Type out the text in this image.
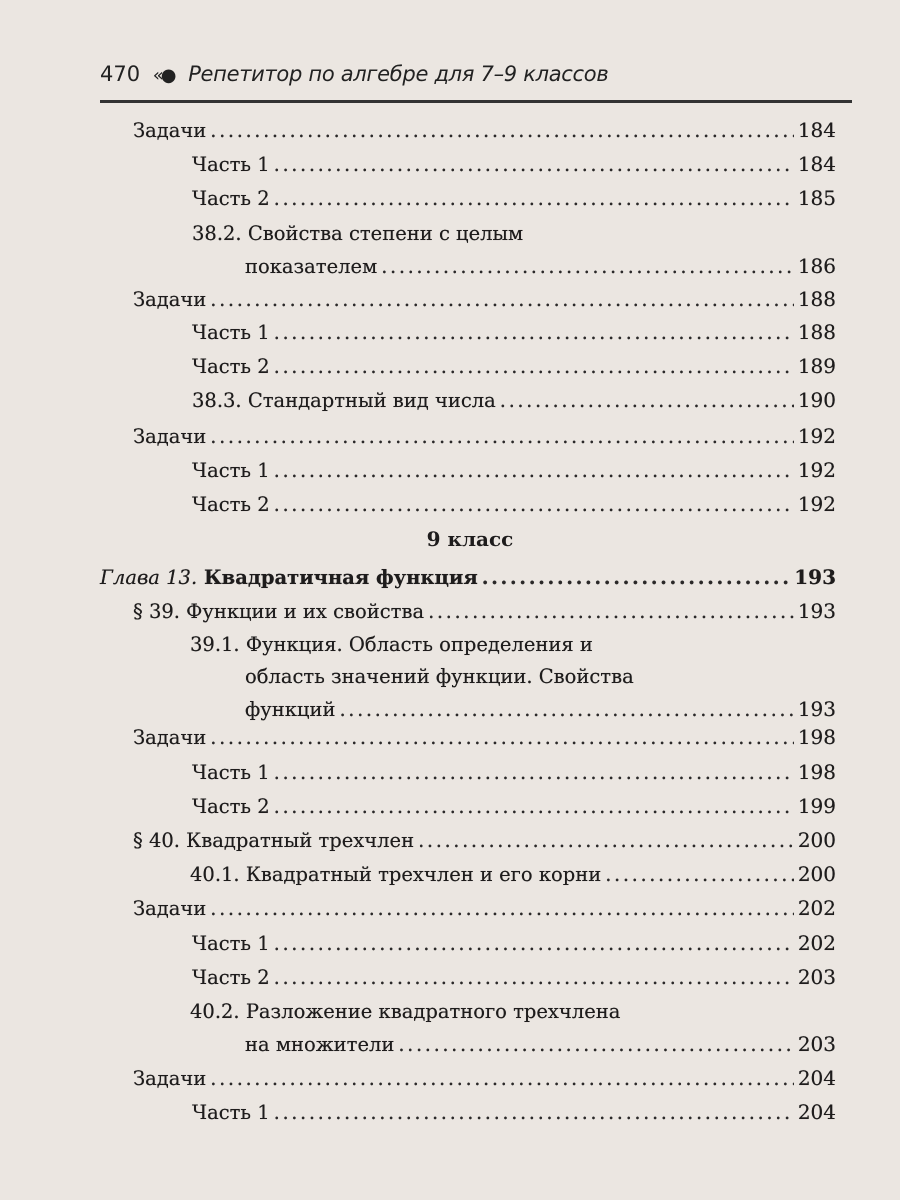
470 «● Репетитор по алгебре для 7–9 классов
Задачи .....	184
Часть 1 .....	184
Часть 2 .....	185
38.2. Свойства степени с целым
показателем .....	186
Задачи .....	188
Часть 1 .....	188
Часть 2 .....	189
38.3. Стандартный вид числа .....	190
Задачи .....	192
Часть 1 .....	192
Часть 2 .....	192
9 класс
Глава 13. Квадратичная функция .....	193
§ 39. Функции и их свойства .....	193
39.1. Функция. Область определения и
область значений функции. Свойства
функций .....	193
Задачи .....	198
Часть 1 .....	198
Часть 2 .....	199
§ 40. Квадратный трехчлен .....	200
40.1. Квадратный трехчлен и его корни .....	200
Задачи .....	202
Часть 1 .....	202
Часть 2 .....	203
40.2. Разложение квадратного трехчлена
на множители .....	203
Задачи .....	204
Часть 1 .....	204
